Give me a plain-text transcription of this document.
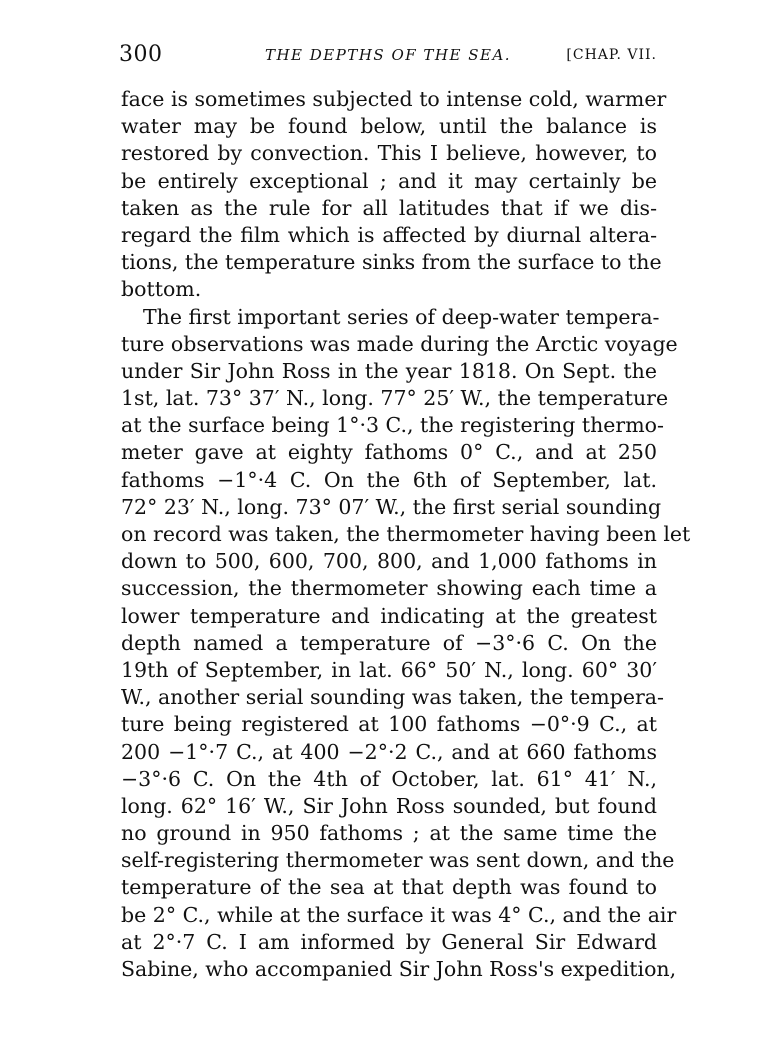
300	THE DEPTHS OF THE SEA.	[CHAP. VII.
face is sometimes subjected to intense cold, warmer
water may be found below, until the balance is
restored by convection. This I believe, however, to
be entirely exceptional ; and it may certainly be
taken as the rule for all latitudes that if we dis-
regard the film which is affected by diurnal altera-
tions, the temperature sinks from the surface to the
bottom.
The first important series of deep-water tempera-
ture observations was made during the Arctic voyage
under Sir John Ross in the year 1818. On Sept. the
1st, lat. 73° 37′ N., long. 77° 25′ W., the temperature
at the surface being 1°·3 C., the registering thermo-
meter gave at eighty fathoms 0° C., and at 250
fathoms −1°·4 C. On the 6th of September, lat.
72° 23′ N., long. 73° 07′ W., the first serial sounding
on record was taken, the thermometer having been let
down to 500, 600, 700, 800, and 1,000 fathoms in
succession, the thermometer showing each time a
lower temperature and indicating at the greatest
depth named a temperature of −3°·6 C. On the
19th of September, in lat. 66° 50′ N., long. 60° 30′
W., another serial sounding was taken, the tempera-
ture being registered at 100 fathoms −0°·9 C., at
200 −1°·7 C., at 400 −2°·2 C., and at 660 fathoms
−3°·6 C. On the 4th of October, lat. 61° 41′ N.,
long. 62° 16′ W., Sir John Ross sounded, but found
no ground in 950 fathoms ; at the same time the
self-registering thermometer was sent down, and the
temperature of the sea at that depth was found to
be 2° C., while at the surface it was 4° C., and the air
at 2°·7 C. I am informed by General Sir Edward
Sabine, who accompanied Sir John Ross's expedition,
